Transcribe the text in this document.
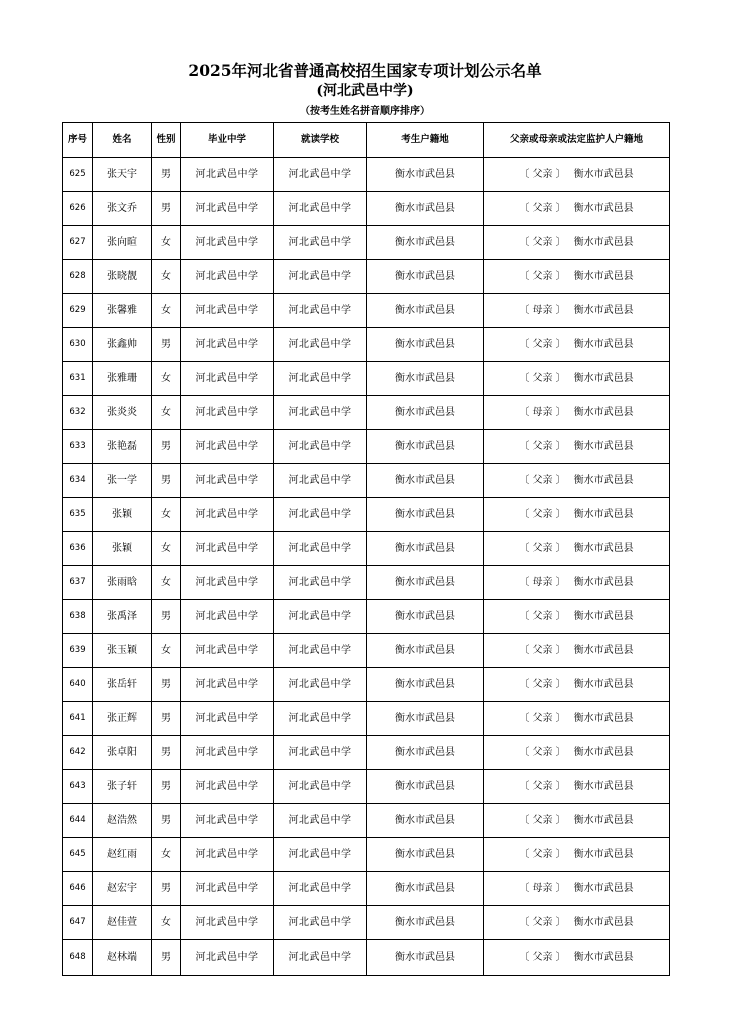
2025年河北省普通高校招生国家专项计划公示名单
(河北武邑中学)
（按考生姓名拼音顺序排序）
序号	姓名	性别	毕业中学	就读学校	考生户籍地	父亲或母亲或法定监护人户籍地
625	张天宇	男	河北武邑中学	河北武邑中学	衡水市武邑县	〔 父亲 〕 衡水市武邑县
626	张文乔	男	河北武邑中学	河北武邑中学	衡水市武邑县	〔 父亲 〕 衡水市武邑县
627	张向暄	女	河北武邑中学	河北武邑中学	衡水市武邑县	〔 父亲 〕 衡水市武邑县
628	张晓靓	女	河北武邑中学	河北武邑中学	衡水市武邑县	〔 父亲 〕 衡水市武邑县
629	张馨雅	女	河北武邑中学	河北武邑中学	衡水市武邑县	〔 母亲 〕 衡水市武邑县
630	张鑫帅	男	河北武邑中学	河北武邑中学	衡水市武邑县	〔 父亲 〕 衡水市武邑县
631	张雅珊	女	河北武邑中学	河北武邑中学	衡水市武邑县	〔 父亲 〕 衡水市武邑县
632	张炎炎	女	河北武邑中学	河北武邑中学	衡水市武邑县	〔 母亲 〕 衡水市武邑县
633	张艳磊	男	河北武邑中学	河北武邑中学	衡水市武邑县	〔 父亲 〕 衡水市武邑县
634	张一学	男	河北武邑中学	河北武邑中学	衡水市武邑县	〔 父亲 〕 衡水市武邑县
635	张颖	女	河北武邑中学	河北武邑中学	衡水市武邑县	〔 父亲 〕 衡水市武邑县
636	张颖	女	河北武邑中学	河北武邑中学	衡水市武邑县	〔 父亲 〕 衡水市武邑县
637	张雨晗	女	河北武邑中学	河北武邑中学	衡水市武邑县	〔 母亲 〕 衡水市武邑县
638	张禹泽	男	河北武邑中学	河北武邑中学	衡水市武邑县	〔 父亲 〕 衡水市武邑县
639	张玉颖	女	河北武邑中学	河北武邑中学	衡水市武邑县	〔 父亲 〕 衡水市武邑县
640	张岳轩	男	河北武邑中学	河北武邑中学	衡水市武邑县	〔 父亲 〕 衡水市武邑县
641	张正辉	男	河北武邑中学	河北武邑中学	衡水市武邑县	〔 父亲 〕 衡水市武邑县
642	张卓阳	男	河北武邑中学	河北武邑中学	衡水市武邑县	〔 父亲 〕 衡水市武邑县
643	张子轩	男	河北武邑中学	河北武邑中学	衡水市武邑县	〔 父亲 〕 衡水市武邑县
644	赵浩然	男	河北武邑中学	河北武邑中学	衡水市武邑县	〔 父亲 〕 衡水市武邑县
645	赵红雨	女	河北武邑中学	河北武邑中学	衡水市武邑县	〔 父亲 〕 衡水市武邑县
646	赵宏宇	男	河北武邑中学	河北武邑中学	衡水市武邑县	〔 母亲 〕 衡水市武邑县
647	赵佳萱	女	河北武邑中学	河北武邑中学	衡水市武邑县	〔 父亲 〕 衡水市武邑县
648	赵林端	男	河北武邑中学	河北武邑中学	衡水市武邑县	〔 父亲 〕 衡水市武邑县
